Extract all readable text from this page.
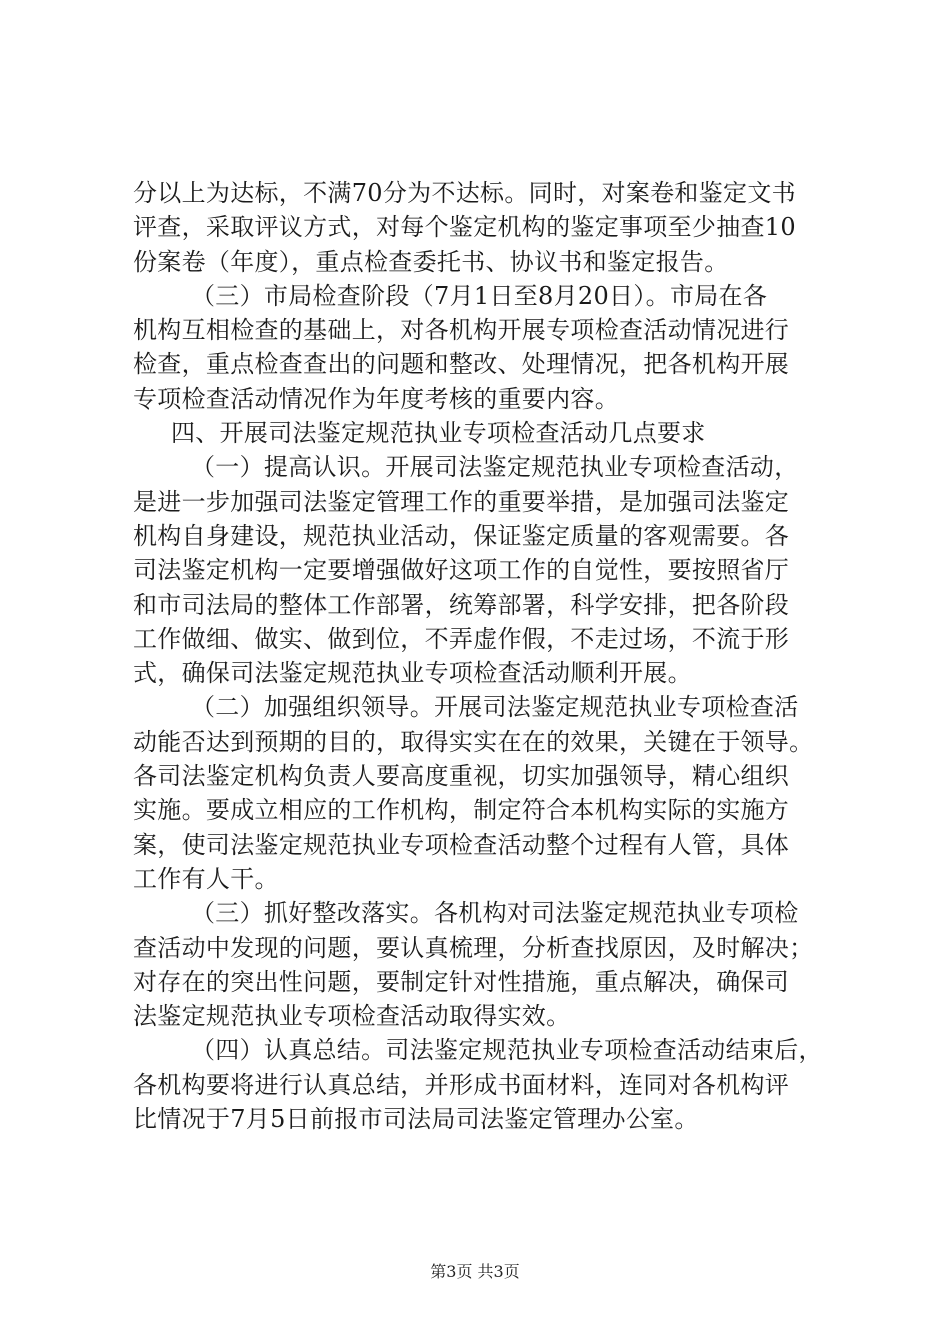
分以上为达标，不满70分为不达标。同时，对案卷和鉴定文书
评查，采取评议方式，对每个鉴定机构的鉴定事项至少抽查10
份案卷（年度），重点检查委托书、协议书和鉴定报告。
（三）市局检查阶段（7月1日至8月20日）。市局在各
机构互相检查的基础上，对各机构开展专项检查活动情况进行
检查，重点检查查出的问题和整改、处理情况，把各机构开展
专项检查活动情况作为年度考核的重要内容。
四、开展司法鉴定规范执业专项检查活动几点要求
（一）提高认识。开展司法鉴定规范执业专项检查活动，
是进一步加强司法鉴定管理工作的重要举措，是加强司法鉴定
机构自身建设，规范执业活动，保证鉴定质量的客观需要。各
司法鉴定机构一定要增强做好这项工作的自觉性，要按照省厅
和市司法局的整体工作部署，统筹部署，科学安排，把各阶段
工作做细、做实、做到位，不弄虚作假，不走过场，不流于形
式，确保司法鉴定规范执业专项检查活动顺利开展。
（二）加强组织领导。开展司法鉴定规范执业专项检查活
动能否达到预期的目的，取得实实在在的效果，关键在于领导。
各司法鉴定机构负责人要高度重视，切实加强领导，精心组织
实施。要成立相应的工作机构，制定符合本机构实际的实施方
案，使司法鉴定规范执业专项检查活动整个过程有人管，具体
工作有人干。
（三）抓好整改落实。各机构对司法鉴定规范执业专项检
查活动中发现的问题，要认真梳理，分析查找原因，及时解决；
对存在的突出性问题，要制定针对性措施，重点解决，确保司
法鉴定规范执业专项检查活动取得实效。
（四）认真总结。司法鉴定规范执业专项检查活动结束后，
各机构要将进行认真总结，并形成书面材料，连同对各机构评
比情况于7月5日前报市司法局司法鉴定管理办公室。
第3页 共3页
